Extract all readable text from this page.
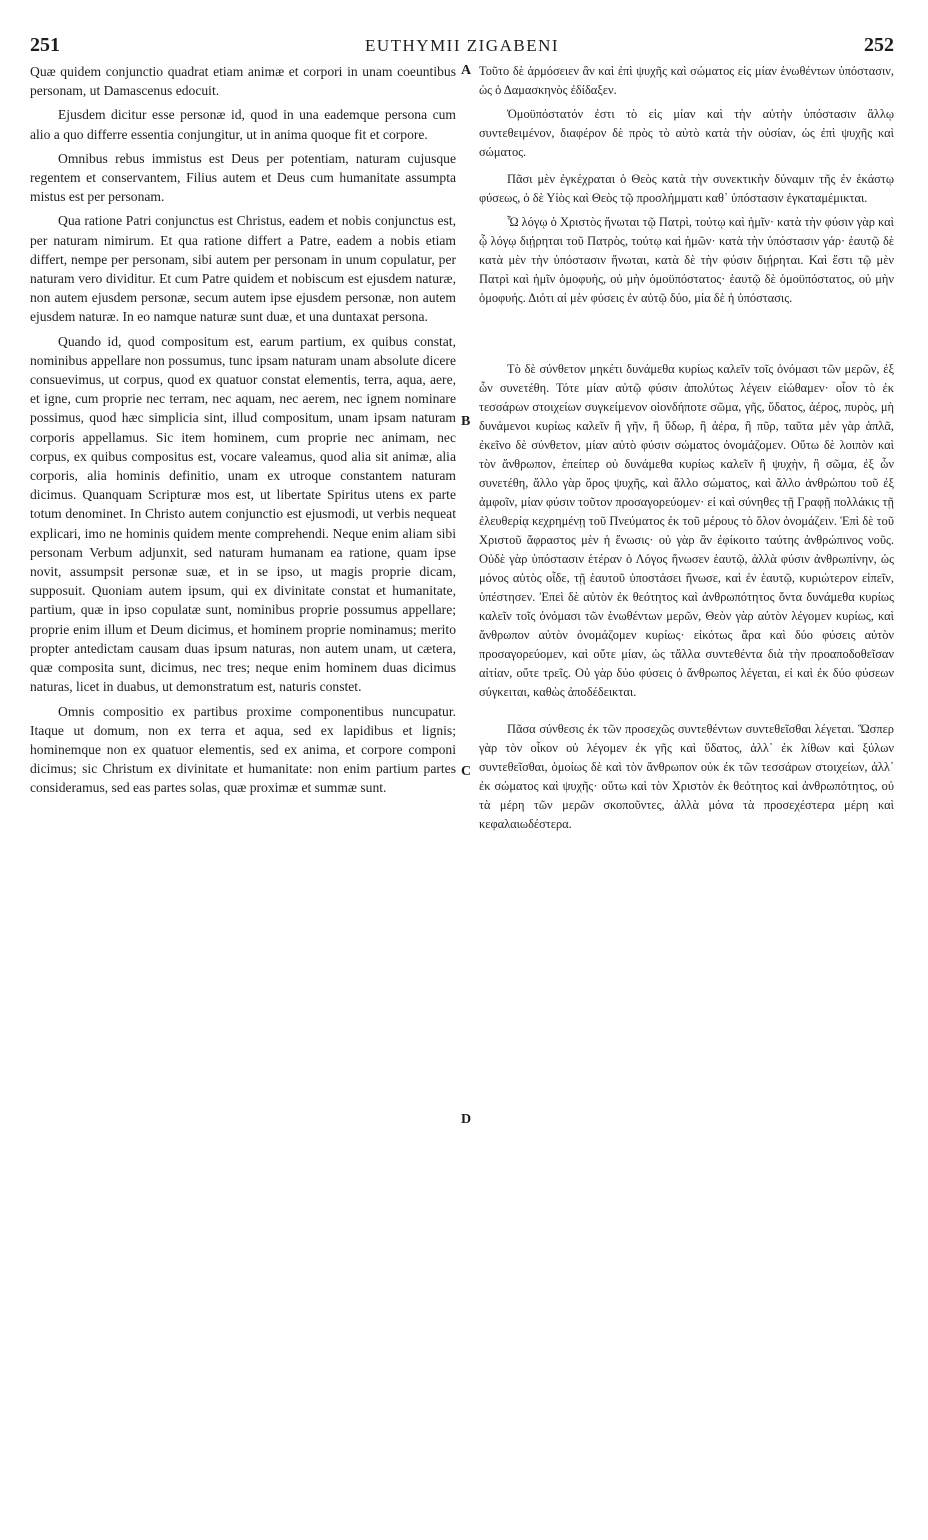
251	EUTHYMII ZIGABENI	252

Quæ quidem conjunctio quadrat etiam animæ et corpori in unam coeuntibus personam, ut Damascenus edocuit.

Ejusdem dicitur esse personæ id, quod in una eademque persona cum alio a quo differre essentia conjungitur, ut in anima quoque fit et corpore.

Omnibus rebus immistus est Deus per potentiam, naturam cujusque regentem et conservantem, Filius autem et Deus cum humanitate assumpta mistus est per personam.

Qua ratione Patri conjunctus est Christus, eadem et nobis conjunctus est, per naturam nimirum. Et qua ratione differt a Patre, eadem a nobis etiam differt, nempe per personam, sibi autem per personam in unum copulatur, per naturam vero dividitur. Et cum Patre quidem et nobiscum est ejusdem naturæ, non autem ejusdem personæ, secum autem ipse ejusdem personæ, non autem ejusdem naturæ. In eo namque naturæ sunt duæ, et una duntaxat persona.

Quando id, quod compositum est, earum partium, ex quibus constat, nominibus appellare non possumus, tunc ipsam naturam unam absolute dicere consuevimus, ut corpus, quod ex quatuor constat elementis, terra, aqua, aere, et igne, cum proprie nec terram, nec aquam, nec aerem, nec ignem nominare possimus, quod hæc simplicia sint, illud compositum, unam ipsam naturam corporis appellamus. Sic item hominem, cum proprie nec animam, nec corpus, ex quibus compositus est, vocare valeamus, quod alia sit animæ, alia corporis, alia hominis definitio, unam ex utroque constantem naturam dicimus. Quanquam Scripturæ mos est, ut libertate Spiritus utens ex parte totum denominet. In Christo autem conjunctio est ejusmodi, ut verbis nequeat explicari, imo ne hominis quidem mente comprehendi. Neque enim aliam sibi personam Verbum adjunxit, sed naturam humanam ea ratione, quam ipse novit, assumpsit personæ suæ, et in se ipso, ut magis proprie dicam, supposuit. Quoniam autem ipsum, qui ex divinitate constat et humanitate, partium, quæ in ipso copulatæ sunt, nominibus proprie possumus appellare; proprie enim illum et Deum dicimus, et hominem proprie nominamus; merito propter antedictam causam duas ipsum naturas, non autem unam, ut cætera, quæ composita sunt, dicimus, nec tres; neque enim hominem duas dicimus naturas, licet in duabus, ut demonstratum est, naturis constet.

Omnis compositio ex partibus proxime componentibus nuncupatur. Itaque ut domum, non ex terra et aqua, sed ex lapidibus et lignis; hominemque non ex quatuor elementis, sed ex anima, et corpore componi dicimus; sic Christum ex divinitate et humanitate: non enim partium partes consideramus, sed eas partes solas, quæ proximæ et summæ sunt.

A
B
C
D

Τοῦτο δὲ ἁρμόσειεν ἂν καὶ ἐπὶ ψυχῆς καὶ σώματος εἰς μίαν ἑνωθέντων ὑπόστασιν, ὡς ὁ Δαμασκηνὸς ἐδίδαξεν.

Ὁμοϋπόστατόν ἐστι τὸ εἰς μίαν καὶ τὴν αὐτὴν ὑπόστασιν ἄλλῳ συντεθειμένον, διαφέρον δὲ πρὸς τὸ αὐτὸ κατὰ τὴν οὐσίαν, ὡς ἐπὶ ψυχῆς καὶ σώματος.

Πᾶσι μὲν ἐγκέχραται ὁ Θεὸς κατὰ τὴν συνεκτικὴν δύναμιν τῆς ἐν ἑκάστῳ φύσεως, ὁ δὲ Υἱὸς καὶ Θεὸς τῷ προσλήμματι καθ᾽ ὑπόστασιν ἐγκαταμέμικται.

Ὧ λόγῳ ὁ Χριστὸς ἥνωται τῷ Πατρὶ, τούτῳ καὶ ἡμῖν· κατὰ τὴν φύσιν γὰρ καὶ ᾧ λόγῳ διῄρηται τοῦ Πατρὸς, τούτῳ καὶ ἡμῶν· κατὰ τὴν ὑπόστασιν γάρ· ἑαυτῷ δὲ κατὰ μὲν τὴν ὑπόστασιν ἥνωται, κατὰ δὲ τὴν φύσιν διῄρηται. Καὶ ἔστι τῷ μὲν Πατρὶ καὶ ἡμῖν ὁμοφυὴς, οὐ μὴν ὁμοϋπόστατος· ἑαυτῷ δὲ ὁμοϋπόστατος, οὐ μὴν ὁμοφυής. Διότι αἱ μὲν φύσεις ἐν αὐτῷ δύο, μία δὲ ἡ ὑπόστασις.

Τὸ δὲ σύνθετον μηκέτι δυνάμεθα κυρίως καλεῖν τοῖς ὀνόμασι τῶν μερῶν, ἐξ ὧν συνετέθη. Τότε μίαν αὐτῷ φύσιν ἀπολύτως λέγειν εἰώθαμεν· οἷον τὸ ἐκ τεσσάρων στοιχείων συγκείμενον οἱονδήποτε σῶμα, γῆς, ὕδατος, ἀέρος, πυρὸς, μὴ δυνάμενοι κυρίως καλεῖν ἢ γῆν, ἢ ὕδωρ, ἢ ἀέρα, ἢ πῦρ, ταῦτα μὲν γὰρ ἁπλᾶ, ἐκεῖνο δὲ σύνθετον, μίαν αὐτὸ φύσιν σώματος ὀνομάζομεν. Οὕτω δὲ λοιπὸν καὶ τὸν ἄνθρωπον, ἐπείπερ οὐ δυνάμεθα κυρίως καλεῖν ἢ ψυχὴν, ἢ σῶμα, ἐξ ὧν συνετέθη, ἄλλο γὰρ ὅρος ψυχῆς, καὶ ἄλλο σώματος, καὶ ἄλλο ἀνθρώπου τοῦ ἐξ ἀμφοῖν, μίαν φύσιν τοῦτον προσαγορεύομεν· εἰ καὶ σύνηθες τῇ Γραφῇ πολλάκις τῇ ἐλευθερίᾳ κεχρημένῃ τοῦ Πνεύματος ἐκ τοῦ μέρους τὸ ὅλον ὀνομάζειν. Ἐπὶ δὲ τοῦ Χριστοῦ ἄφραστος μὲν ἡ ἕνωσις· οὐ γὰρ ἂν ἐφίκοιτο ταύτης ἀνθρώπινος νοῦς. Οὐδὲ γὰρ ὑπόστασιν ἑτέραν ὁ Λόγος ἥνωσεν ἑαυτῷ, ἀλλὰ φύσιν ἀνθρωπίνην, ὡς μόνος αὐτὸς οἶδε, τῇ ἑαυτοῦ ὑποστάσει ἥνωσε, καὶ ἐν ἑαυτῷ, κυριώτερον εἰπεῖν, ὑπέστησεν. Ἐπεὶ δὲ αὐτὸν ἐκ θεότητος καὶ ἀνθρωπότητος ὄντα δυνάμεθα κυρίως καλεῖν τοῖς ὀνόμασι τῶν ἑνωθέντων μερῶν, Θεὸν γὰρ αὐτὸν λέγομεν κυρίως, καὶ ἄνθρωπον αὐτὸν ὀνομάζομεν κυρίως· εἰκότως ἄρα καὶ δύο φύσεις αὐτὸν προσαγορεύομεν, καὶ οὔτε μίαν, ὡς τἄλλα συντεθέντα διὰ τὴν προαποδοθεῖσαν αἰτίαν, οὔτε τρεῖς. Οὐ γὰρ δύο φύσεις ὁ ἄνθρωπος λέγεται, εἰ καὶ ἐκ δύο φύσεων σύγκειται, καθὼς ἀποδέδεικται.

Πᾶσα σύνθεσις ἐκ τῶν προσεχῶς συντεθέντων συντεθεῖσθαι λέγεται. Ὥσπερ γὰρ τὸν οἶκον οὐ λέγομεν ἐκ γῆς καὶ ὕδατος, ἀλλ᾽ ἐκ λίθων καὶ ξύλων συντεθεῖσθαι, ὁμοίως δὲ καὶ τὸν ἄνθρωπον οὐκ ἐκ τῶν τεσσάρων στοιχείων, ἀλλ᾽ ἐκ σώματος καὶ ψυχῆς· οὕτω καὶ τὸν Χριστὸν ἐκ θεότητος καὶ ἀνθρωπότητος, οὐ τὰ μέρη τῶν μερῶν σκοποῦντες, ἀλλὰ μόνα τὰ προσεχέστερα μέρη καὶ κεφαλαιωδέστερα.
